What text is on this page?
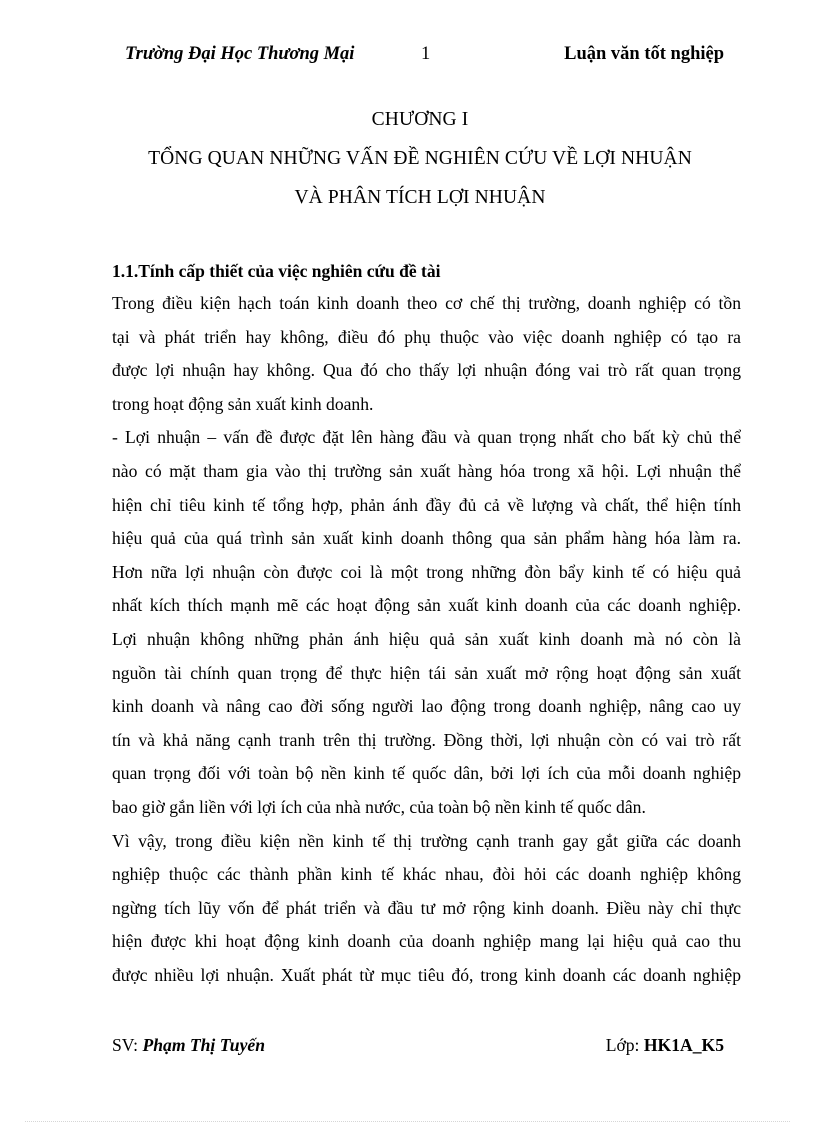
Trường Đại Học Thương Mại	1	Luận văn tốt nghiệp
CHƯƠNG I
TỔNG QUAN NHỮNG VẤN ĐỀ NGHIÊN CỨU VỀ LỢI NHUẬN
VÀ PHÂN TÍCH LỢI NHUẬN
1.1.Tính cấp thiết của việc nghiên cứu đề tài
Trong điều kiện hạch toán kinh doanh theo cơ chế thị trường, doanh nghiệp có tồn
tại và phát triển hay không, điều đó phụ thuộc vào việc doanh nghiệp có tạo ra
được lợi nhuận hay không. Qua đó cho thấy lợi nhuận đóng vai trò rất quan trọng
trong hoạt động sản xuất kinh doanh.
- Lợi nhuận – vấn đề được đặt lên hàng đầu và quan trọng nhất cho bất kỳ chủ thể
nào có mặt tham gia vào thị trường sản xuất hàng hóa trong xã hội. Lợi nhuận thể
hiện chỉ tiêu kinh tế tổng hợp, phản ánh đầy đủ cả về lượng và chất, thể hiện tính
hiệu quả của quá trình sản xuất kinh doanh thông qua sản phẩm hàng hóa làm ra.
Hơn nữa lợi nhuận còn được coi là một trong những đòn bẩy kinh tế có hiệu quả
nhất kích thích mạnh mẽ các hoạt động sản xuất kinh doanh của các doanh nghiệp.
Lợi nhuận không những phản ánh hiệu quả sản xuất kinh doanh mà nó còn là
nguồn tài chính quan trọng để thực hiện tái sản xuất mở rộng hoạt động sản xuất
kinh doanh và nâng cao đời sống người lao động trong doanh nghiệp, nâng cao uy
tín và khả năng cạnh tranh trên thị trường. Đồng thời, lợi nhuận còn có vai trò rất
quan trọng đối với toàn bộ nền kinh tế quốc dân, bởi lợi ích của mỗi doanh nghiệp
bao giờ gắn liền với lợi ích của nhà nước, của toàn bộ nền kinh tế quốc dân.
Vì vậy, trong điều kiện nền kinh tế thị trường cạnh tranh gay gắt giữa các doanh
nghiệp thuộc các thành phần kinh tế khác nhau, đòi hỏi các doanh nghiệp không
ngừng tích lũy vốn để phát triển và đầu tư mở rộng kinh doanh. Điều này chỉ thực
hiện được khi hoạt động kinh doanh của doanh nghiệp mang lại hiệu quả cao thu
được nhiều lợi nhuận. Xuất phát từ mục tiêu đó, trong kinh doanh các doanh nghiệp
SV: Phạm Thị Tuyến	Lớp: HK1A_K5
